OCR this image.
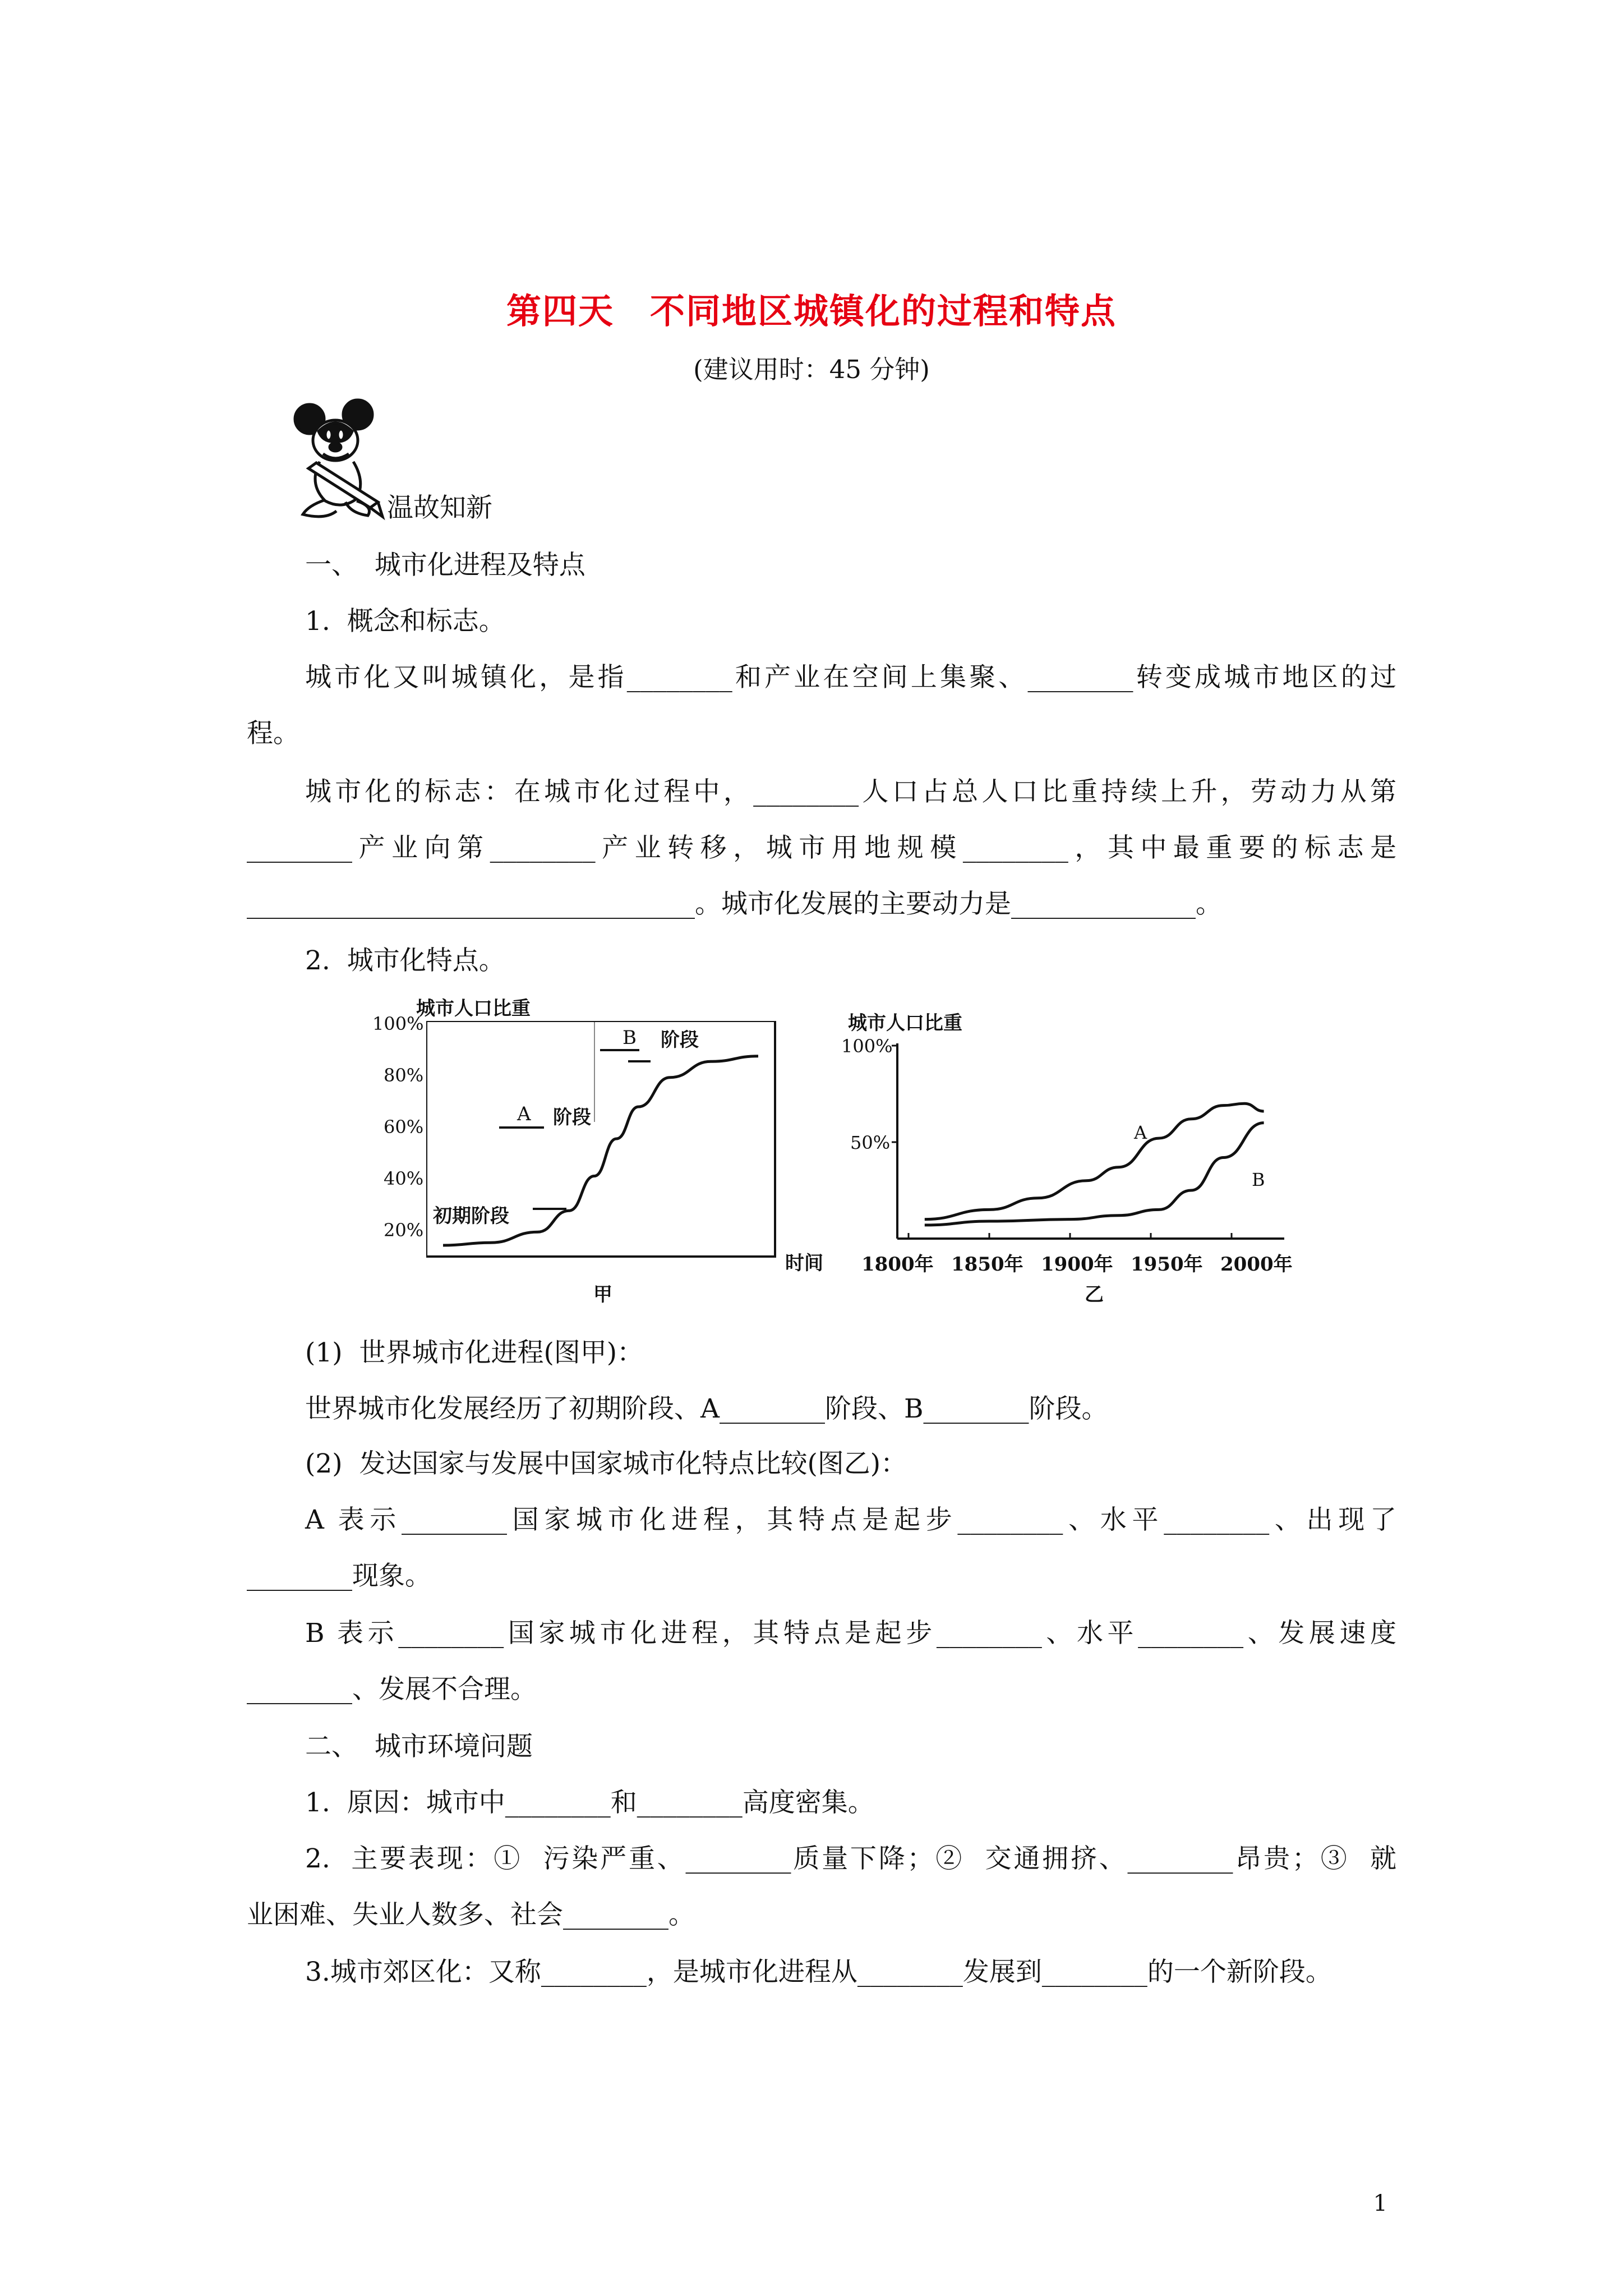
第四天　不同地区城镇化的过程和特点
(建议用时：45 分钟)
温故知新
一、  城市化进程及特点
1.  概念和标志。
城市化又叫城镇化，是指________和产业在空间上集聚、________转变成城市地区的过
程。
城市化的标志：在城市化过程中，________人口占总人口比重持续上升，劳动力从第
________产业向第________产业转移，城市用地规模________，其中最重要的标志是
__________________________________。城市化发展的主要动力是______________。
2.  城市化特点。
城市人口比重
100%
80%
60%
40%
20%
初期阶段
A 阶段
B 阶段
时间
甲
城市人口比重
100%
50%	A
B
1800年 1850年 1900年 1950年 2000年
乙
(1)  世界城市化进程(图甲)：
世界城市化发展经历了初期阶段、A________阶段、B________阶段。
(2)  发达国家与发展中国家城市化特点比较(图乙)：
A 表示________国家城市化进程，其特点是起步________、水平________、出现了
________现象。
B 表示________国家城市化进程，其特点是起步________、水平________、发展速度
________、发展不合理。
二、  城市环境问题
1.  原因：城市中________和________高度密集。
2.  主要表现：①  污染严重、________质量下降；②  交通拥挤、________昂贵；③  就
业困难、失业人数多、社会________。
3.城市郊区化：又称________，是城市化进程从________发展到________的一个新阶段。
1
